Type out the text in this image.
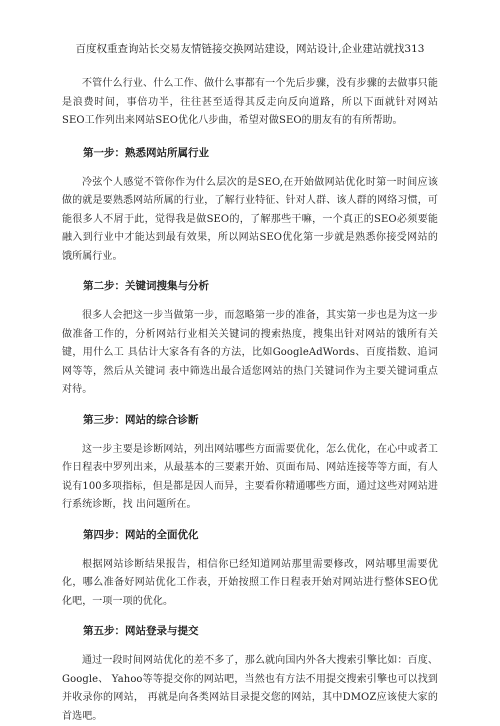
百度权重查询站长交易友情链接交换网站建设，网站设计,企业建站就找313

不管什么行业、什么工作、做什么事都有一个先后步骤，没有步骤的去做事只能是浪费时间，事倍功半，往往甚至适得其反走向反向道路，所以下面就针对网站SEO工作列出来网站SEO优化八步曲，希望对做SEO的朋友有的有所帮助。

第一步：熟悉网站所属行业

冷弦个人感觉不管你作为什么层次的是SEO,在开始做网站优化时第一时间应该做的就是要熟悉网站所属的行业，了解行业特征、针对人群、该人群的网络习惯，可能很多人不屑于此，觉得我是做SEO的，了解那些干嘛，一个真正的SEO必须要能融入到行业中才能达到最有效果，所以网站SEO优化第一步就是熟悉你接受网站的饿所属行业。

第二步：关键词搜集与分析

很多人会把这一步当做第一步，而忽略第一步的准备，其实第一步也是为这一步做准备工作的，分析网站行业相关关键词的搜索热度，搜集出针对网站的饿所有关键，用什么工 具估计大家各有各的方法，比如GoogleAdWords、百度指数、追词网等等，然后从关键词 表中筛选出最合适您网站的热门关键词作为主要关键词重点对待。

第三步：网站的综合诊断

这一步主要是诊断网站，列出网站哪些方面需要优化，怎么优化，在心中或者工作日程表中罗列出来，从最基本的三要素开始、页面布局、网站连接等等方面，有人说有100多项指标，但是都是因人而异，主要看你精通哪些方面，通过这些对网站进行系统诊断，找 出问题所在。

第四步：网站的全面优化

根据网站诊断结果报告，相信你已经知道网站那里需要修改，网站哪里需要优化，哪么准备好网站优化工作表，开始按照工作日程表开始对网站进行整体SEO优化吧，一项一项的优化。

第五步：网站登录与提交

通过一段时间网站优化的差不多了，那么就向国内外各大搜索引擎比如：百度、Google、 Yahoo等等提交你的网站吧，当然也有方法不用提交搜索引擎也可以找到并收录你的网站， 再就是向各类网站目录提交您的网站，其中DMOZ应该使大家的首选吧。
